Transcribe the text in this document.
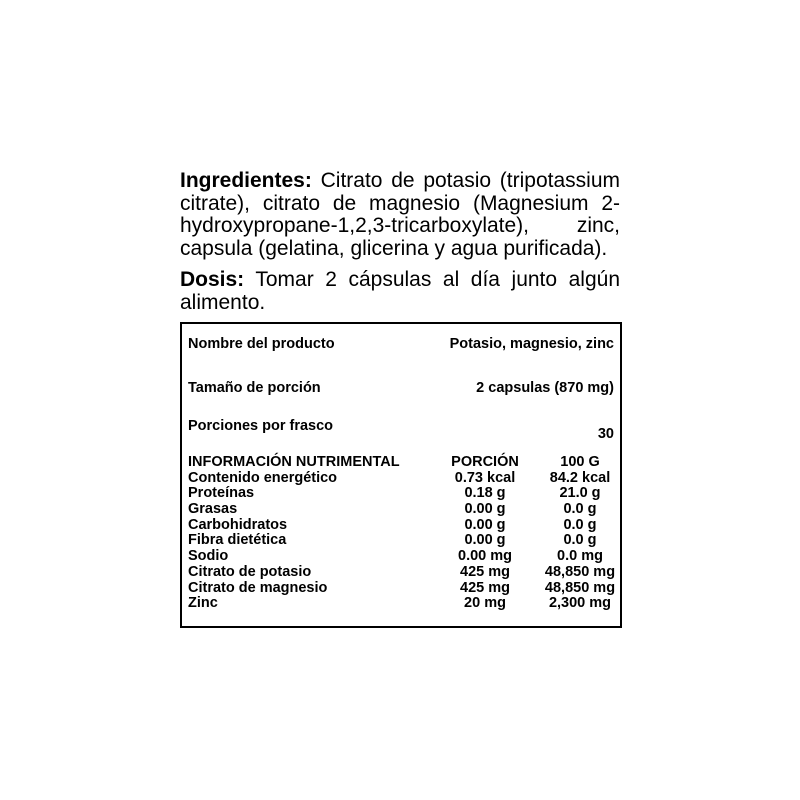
Ingredientes: Citrato de potasio (tripotassium citrate), citrato de magnesio (Magnesium 2-hydroxypropane-1,2,3-tricarboxylate), zinc, capsula (gelatina, glicerina y agua purificada).
Dosis: Tomar 2 cápsulas al día junto algún alimento.
Nombre del producto	Potasio, magnesio, zinc
Tamaño de porción	2 capsulas (870 mg)
Porciones por frasco	30
INFORMACIÓN NUTRIMENTAL	PORCIÓN	100 G
Contenido energético	0.73 kcal	84.2 kcal
Proteínas	0.18 g	21.0 g
Grasas	0.00 g	0.0 g
Carbohidratos	0.00 g	0.0 g
Fibra dietética	0.00 g	0.0 g
Sodio	0.00 mg	0.0 mg
Citrato de potasio	425 mg	48,850 mg
Citrato de magnesio	425 mg	48,850 mg
Zinc	20 mg	2,300 mg
